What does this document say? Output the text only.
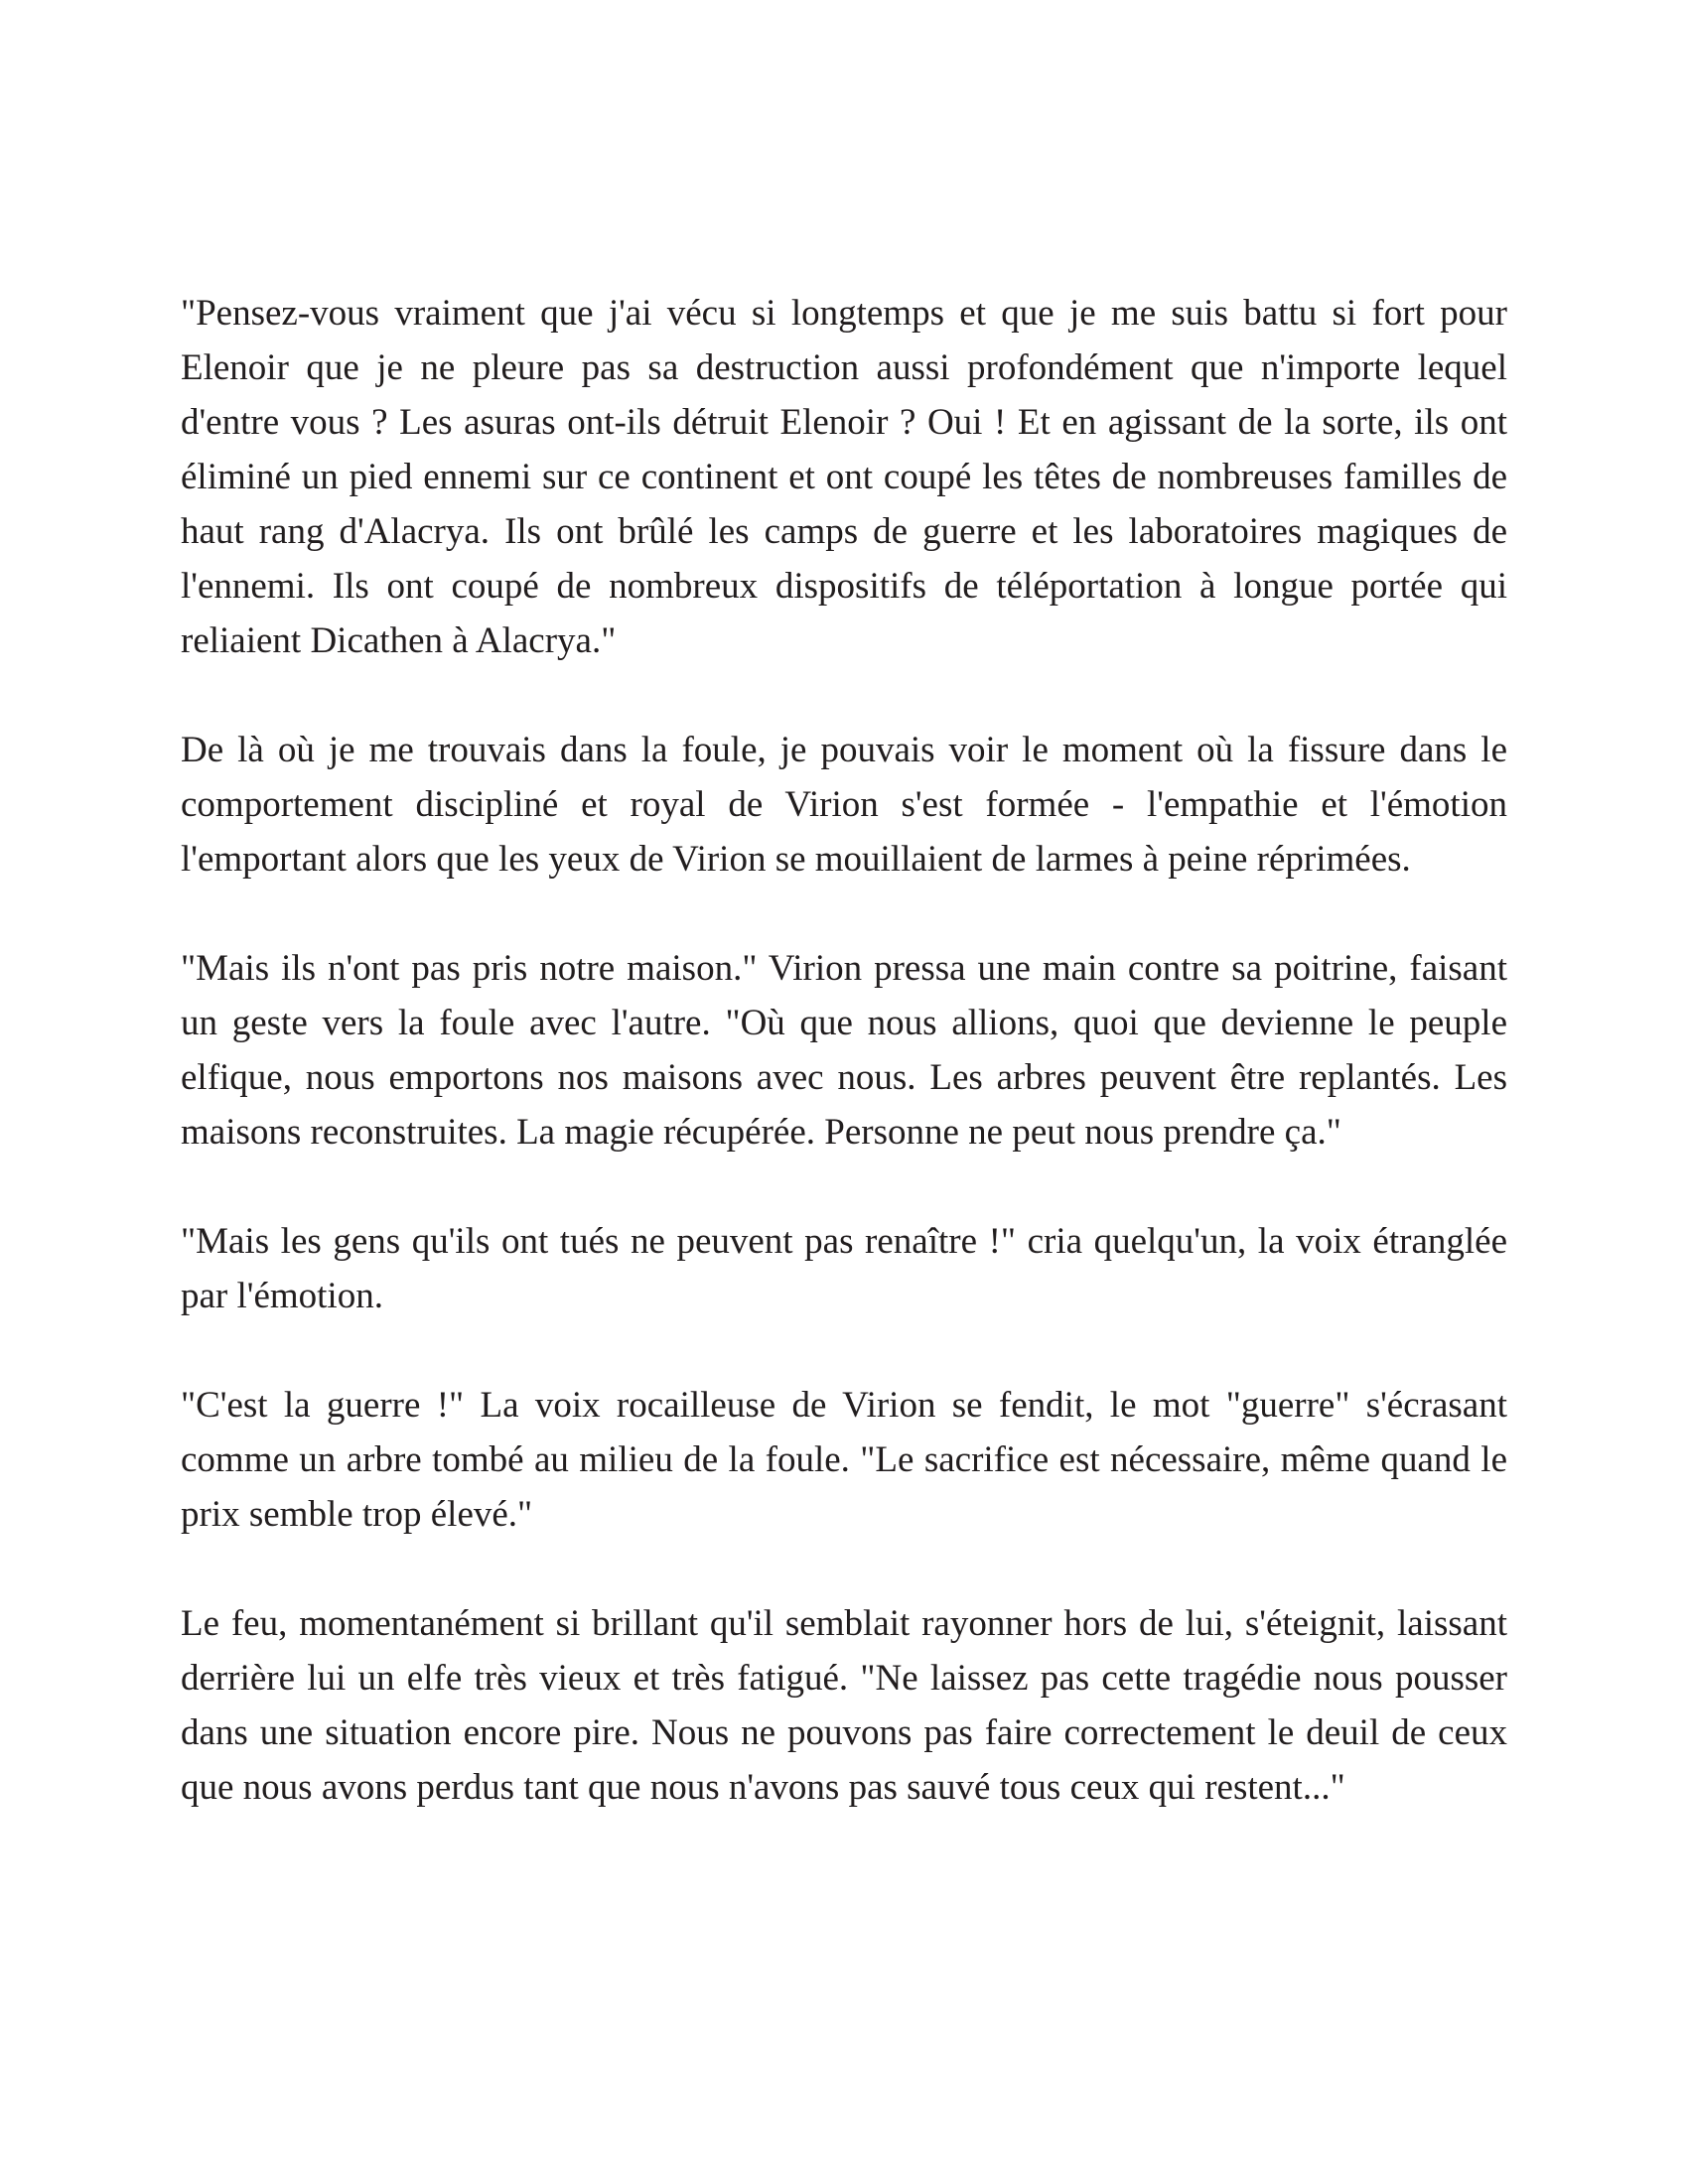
"Pensez-vous vraiment que j'ai vécu si longtemps et que je me suis battu si fort pour Elenoir que je ne pleure pas sa destruction aussi profondément que n'importe lequel d'entre vous ? Les asuras ont-ils détruit Elenoir ? Oui ! Et en agissant de la sorte, ils ont éliminé un pied ennemi sur ce continent et ont coupé les têtes de nombreuses familles de haut rang d'Alacrya. Ils ont brûlé les camps de guerre et les laboratoires magiques de l'ennemi. Ils ont coupé de nombreux dispositifs de téléportation à longue portée qui reliaient Dicathen à Alacrya."

De là où je me trouvais dans la foule, je pouvais voir le moment où la fissure dans le comportement discipliné et royal de Virion s'est formée - l'empathie et l'émotion l'emportant alors que les yeux de Virion se mouillaient de larmes à peine réprimées.

"Mais ils n'ont pas pris notre maison." Virion pressa une main contre sa poitrine, faisant un geste vers la foule avec l'autre. "Où que nous allions, quoi que devienne le peuple elfique, nous emportons nos maisons avec nous. Les arbres peuvent être replantés. Les maisons reconstruites. La magie récupérée. Personne ne peut nous prendre ça."

"Mais les gens qu'ils ont tués ne peuvent pas renaître !" cria quelqu'un, la voix étranglée par l'émotion.

"C'est la guerre !" La voix rocailleuse de Virion se fendit, le mot "guerre" s'écrasant comme un arbre tombé au milieu de la foule. "Le sacrifice est nécessaire, même quand le prix semble trop élevé."

Le feu, momentanément si brillant qu'il semblait rayonner hors de lui, s'éteignit, laissant derrière lui un elfe très vieux et très fatigué. "Ne laissez pas cette tragédie nous pousser dans une situation encore pire. Nous ne pouvons pas faire correctement le deuil de ceux que nous avons perdus tant que nous n'avons pas sauvé tous ceux qui restent..."
